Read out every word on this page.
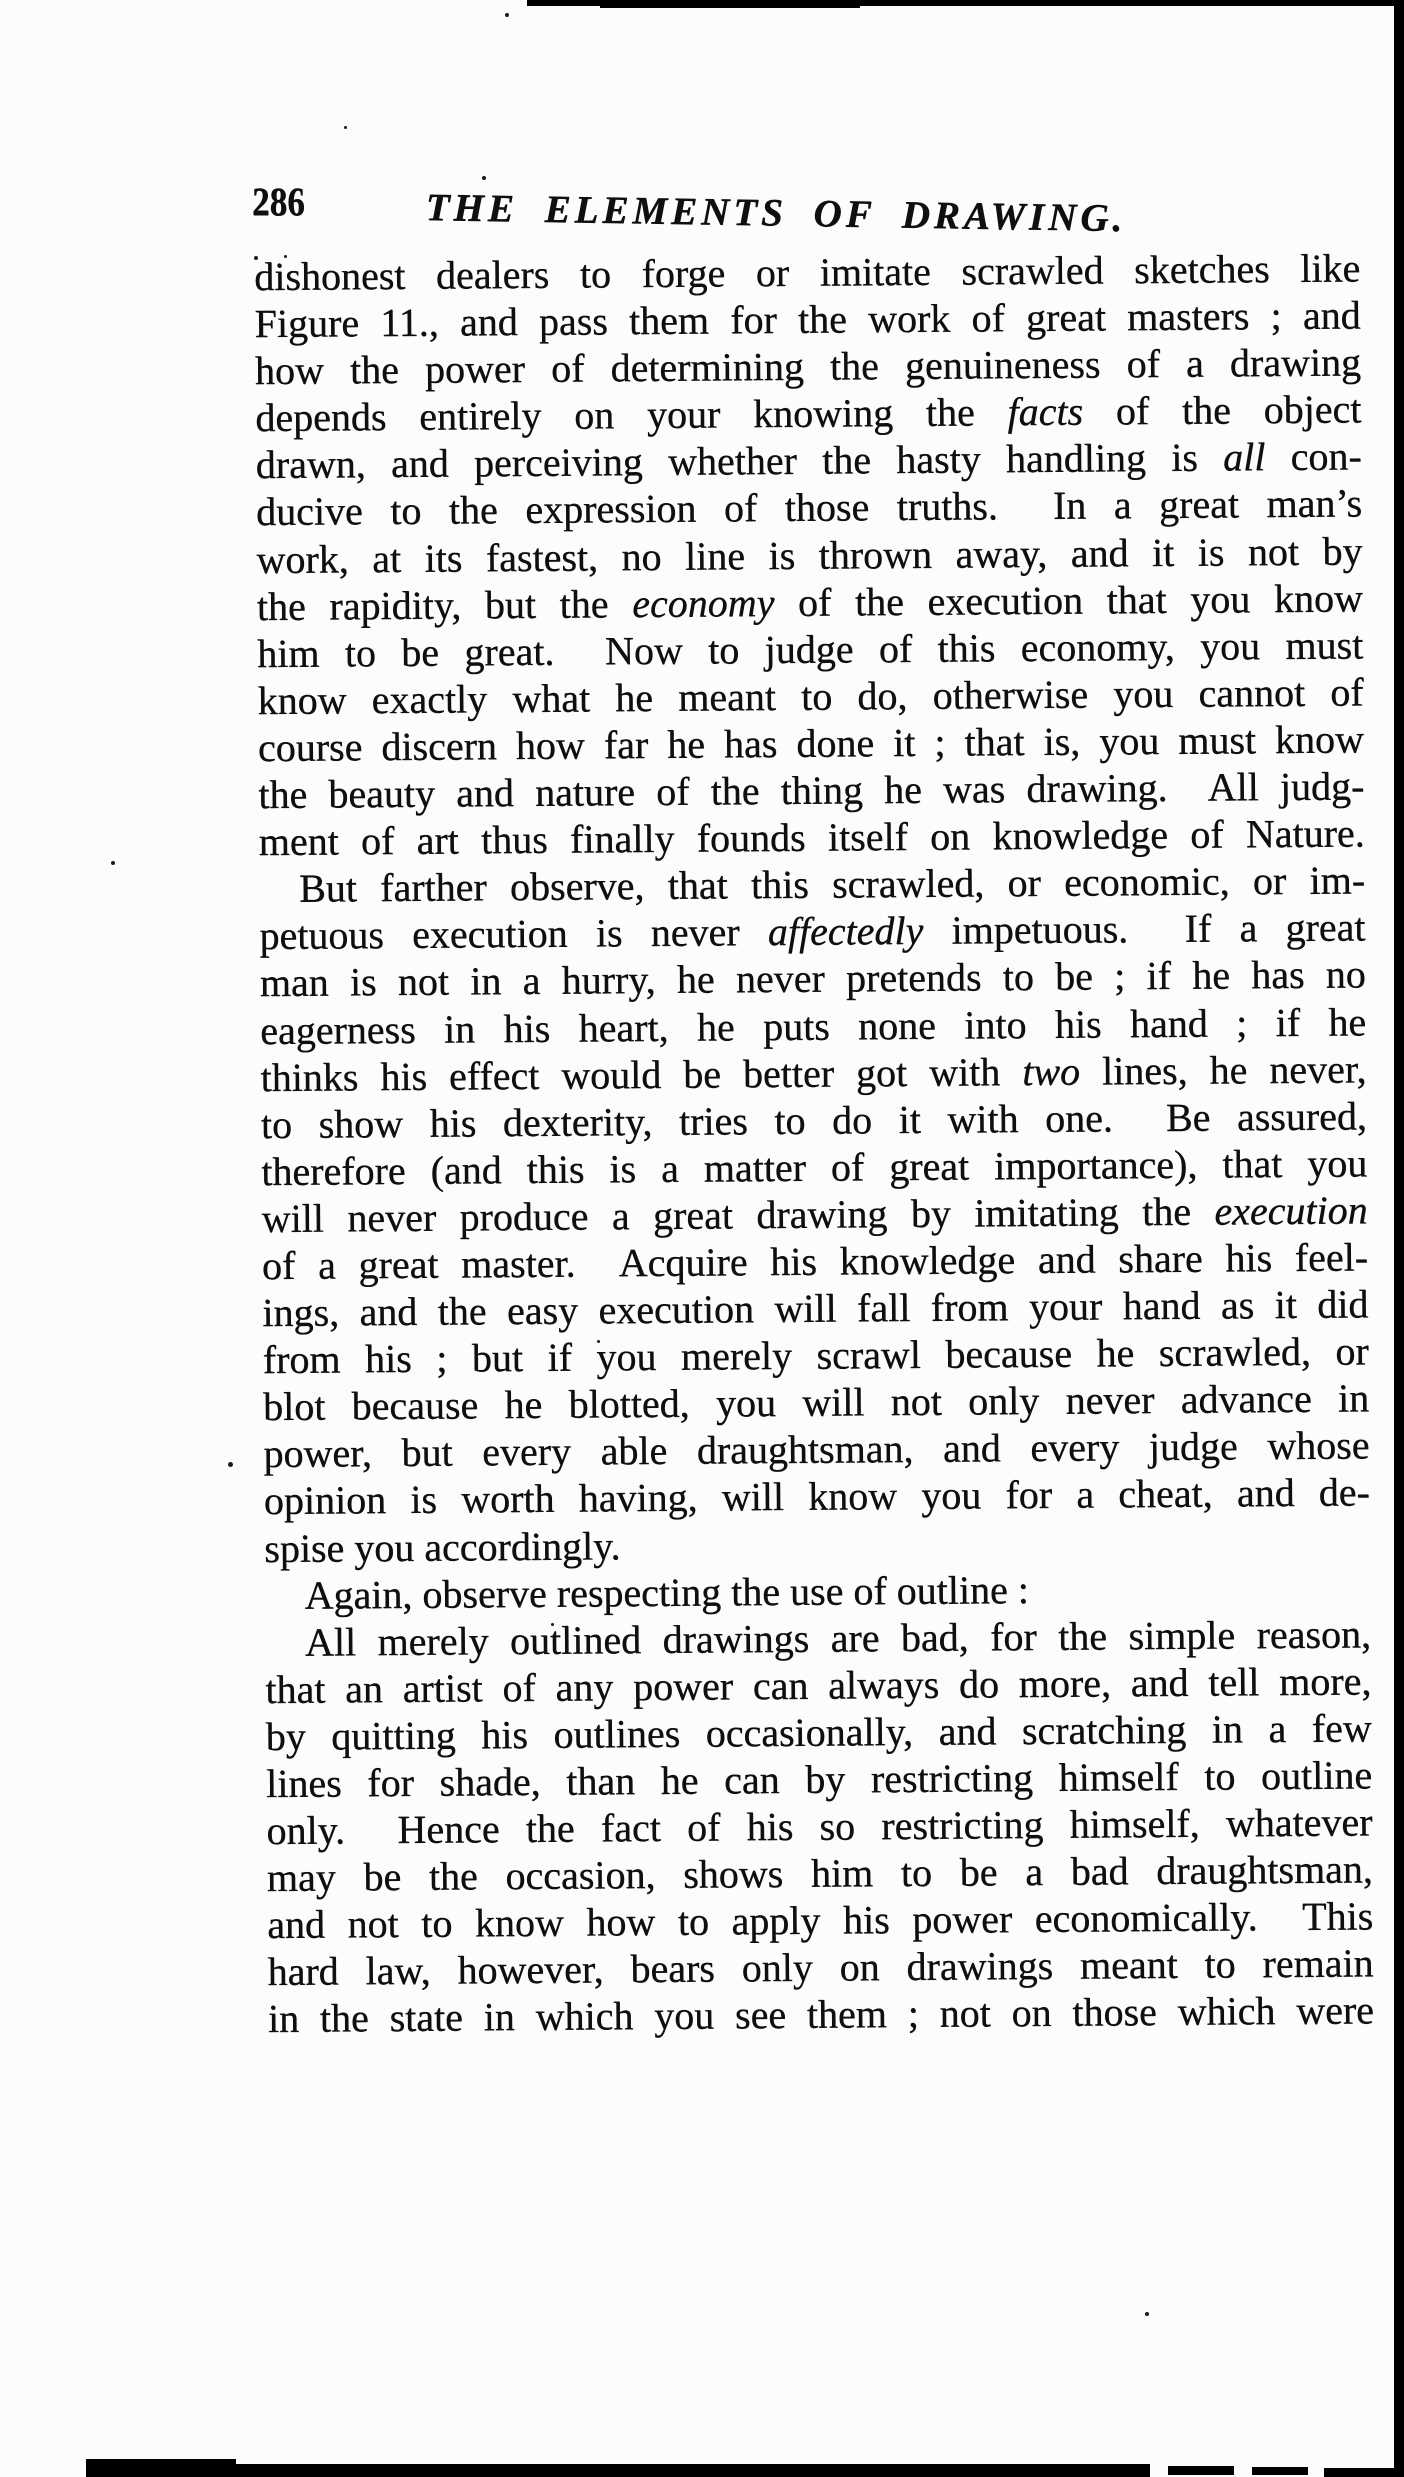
286	THE ELEMENTS OF DRAWING.
dishonest dealers to forge or imitate scrawled sketches like
Figure 11., and pass them for the work of great masters ; and
how the power of determining the genuineness of a drawing
depends entirely on your knowing the facts of the object
drawn, and perceiving whether the hasty handling is all con-
ducive to the expression of those truths.  In a great man’s
work, at its fastest, no line is thrown away, and it is not by
the rapidity, but the economy of the execution that you know
him to be great.  Now to judge of this economy, you must
know exactly what he meant to do, otherwise you cannot of
course discern how far he has done it ; that is, you must know
the beauty and nature of the thing he was drawing.  All judg-
ment of art thus finally founds itself on knowledge of Nature.
But farther observe, that this scrawled, or economic, or im-
petuous execution is never affectedly impetuous.  If a great
man is not in a hurry, he never pretends to be ; if he has no
eagerness in his heart, he puts none into his hand ; if he
thinks his effect would be better got with two lines, he never,
to show his dexterity, tries to do it with one.  Be assured,
therefore (and this is a matter of great importance), that you
will never produce a great drawing by imitating the execution
of a great master.  Acquire his knowledge and share his feel-
ings, and the easy execution will fall from your hand as it did
from his ; but if you merely scrawl because he scrawled, or
blot because he blotted, you will not only never advance in
power, but every able draughtsman, and every judge whose
opinion is worth having, will know you for a cheat, and de-
spise you accordingly.
Again, observe respecting the use of outline :
All merely outlined drawings are bad, for the simple reason,
that an artist of any power can always do more, and tell more,
by quitting his outlines occasionally, and scratching in a few
lines for shade, than he can by restricting himself to outline
only.  Hence the fact of his so restricting himself, whatever
may be the occasion, shows him to be a bad draughtsman,
and not to know how to apply his power economically.  This
hard law, however, bears only on drawings meant to remain
in the state in which you see them ; not on those which were
